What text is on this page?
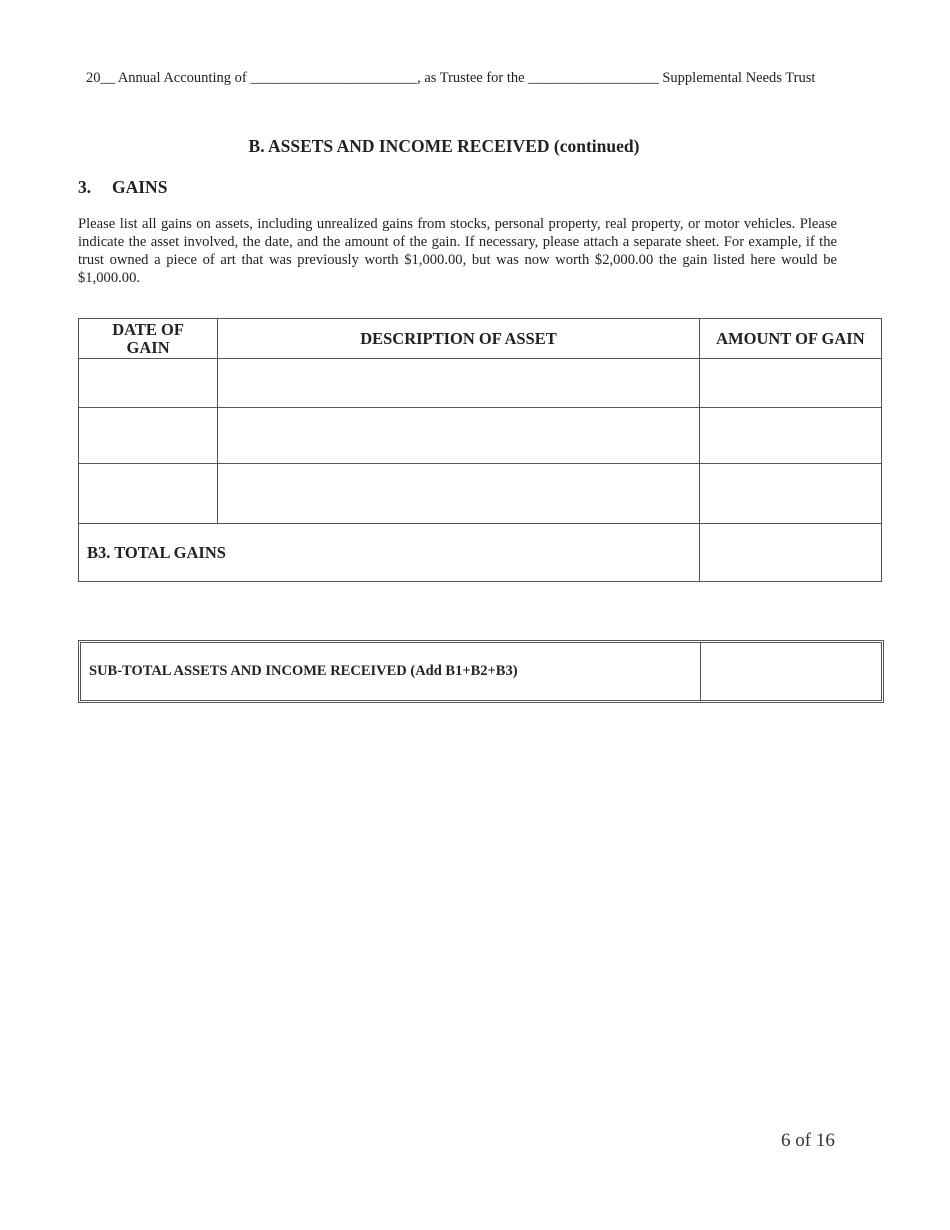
20__ Annual Accounting of _______________________, as Trustee for the __________________ Supplemental Needs Trust
B. ASSETS AND INCOME RECEIVED (continued)
3. GAINS
Please list all gains on assets, including unrealized gains from stocks, personal property, real property, or motor vehicles. Please indicate the asset involved, the date, and the amount of the gain. If necessary, please attach a separate sheet. For example, if the trust owned a piece of art that was previously worth $1,000.00, but was now worth $2,000.00 the gain listed here would be $1,000.00.
DATE OF
GAIN	DESCRIPTION OF ASSET	AMOUNT OF GAIN

B3. TOTAL GAINS		
SUB-TOTAL ASSETS AND INCOME RECEIVED (Add B1+B2+B3)
6 of 16
